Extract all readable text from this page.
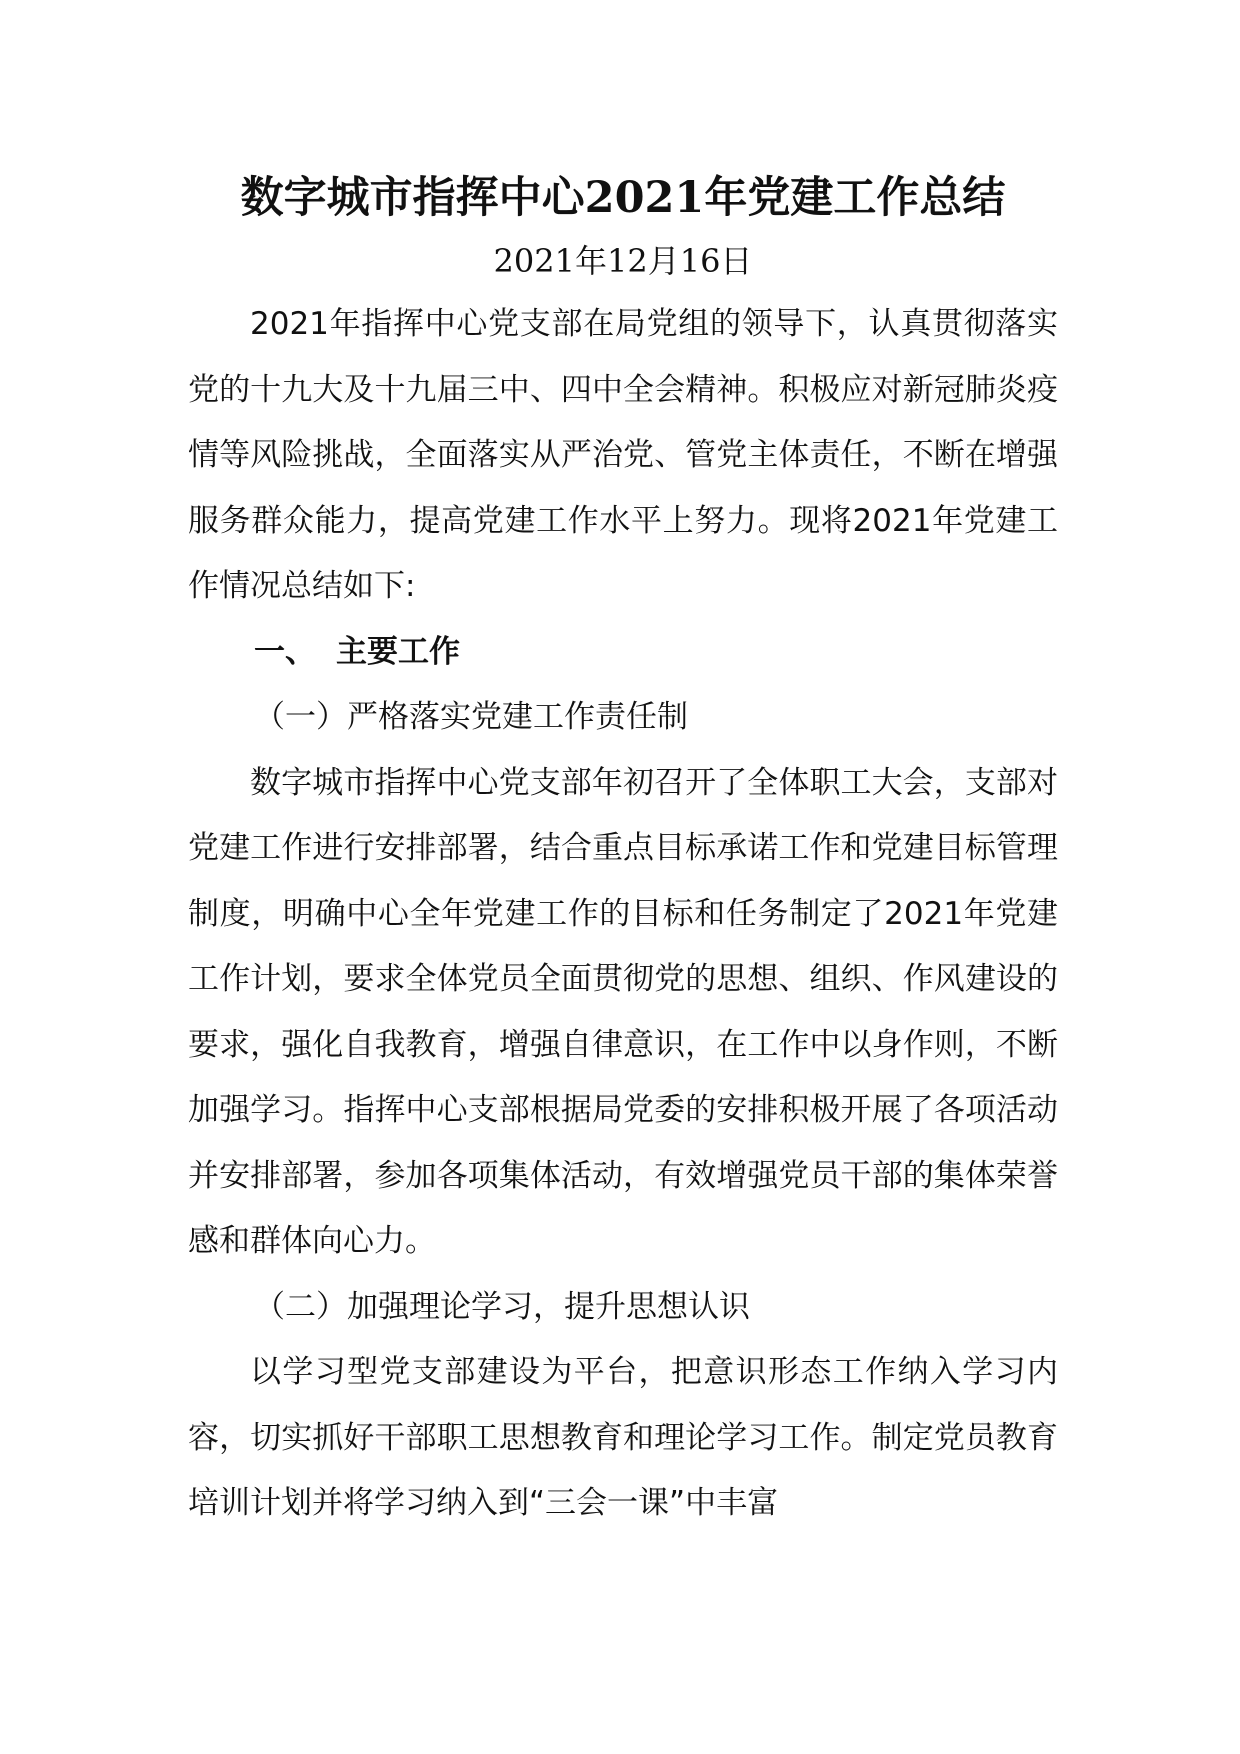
数字城市指挥中心2021年党建工作总结

2021年12月16日

2021年指挥中心党支部在局党组的领导下，认真贯彻落实党的十九大及十九届三中、四中全会精神。积极应对新冠肺炎疫情等风险挑战，全面落实从严治党、管党主体责任，不断在增强服务群众能力，提高党建工作水平上努力。现将2021年党建工作情况总结如下:

一、 主要工作

（一）严格落实党建工作责任制

数字城市指挥中心党支部年初召开了全体职工大会，支部对党建工作进行安排部署，结合重点目标承诺工作和党建目标管理制度，明确中心全年党建工作的目标和任务制定了2021年党建工作计划，要求全体党员全面贯彻党的思想、组织、作风建设的要求，强化自我教育，增强自律意识，在工作中以身作则，不断加强学习。指挥中心支部根据局党委的安排积极开展了各项活动并安排部署，参加各项集体活动，有效增强党员干部的集体荣誉感和群体向心力。

（二）加强理论学习，提升思想认识

以学习型党支部建设为平台，把意识形态工作纳入学习内容，切实抓好干部职工思想教育和理论学习工作。制定党员教育培训计划并将学习纳入到“三会一课”中丰富
